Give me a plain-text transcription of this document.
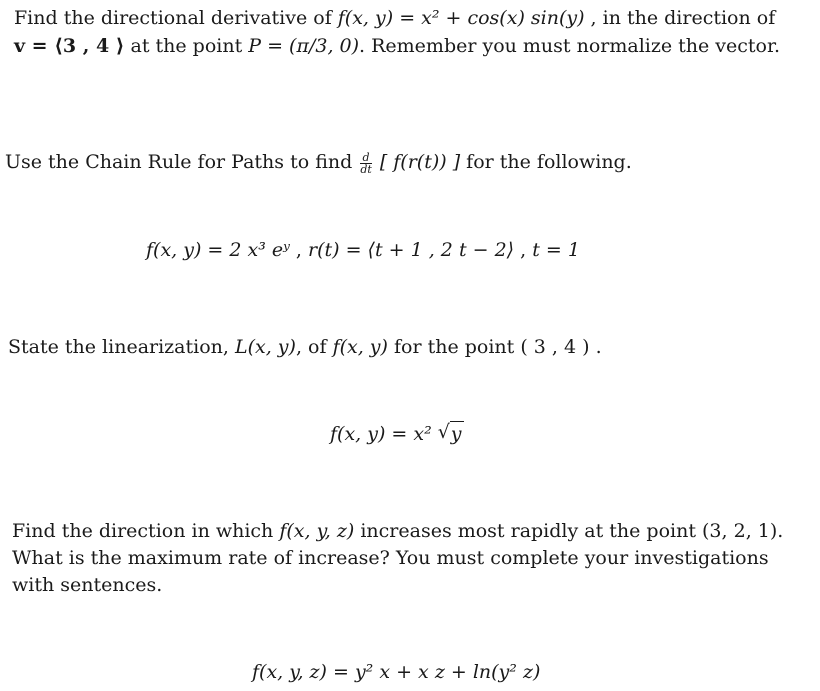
Find the directional derivative of f(x, y) = x² + cos(x) sin(y) , in the direction of
v = ⟨3 , 4 ⟩ at the point P = (π/3, 0). Remember you must normalize the vector.
Use the Chain Rule for Paths to find $\frac{d}{dt}$ [ f(r(t)) ] for the following.
f(x, y) = 2 x³ eʸ , r(t) = ⟨t + 1 , 2 t − 2⟩ , t = 1
State the linearization, L(x, y), of f(x, y) for the point ( 3 , 4 ) .
f(x, y) = x² √ y
Find the direction in which f(x, y, z) increases most rapidly at the point (3, 2, 1).
What is the maximum rate of increase? You must complete your investigations
with sentences.
f(x, y, z) = y² x + x z + ln(y² z)
